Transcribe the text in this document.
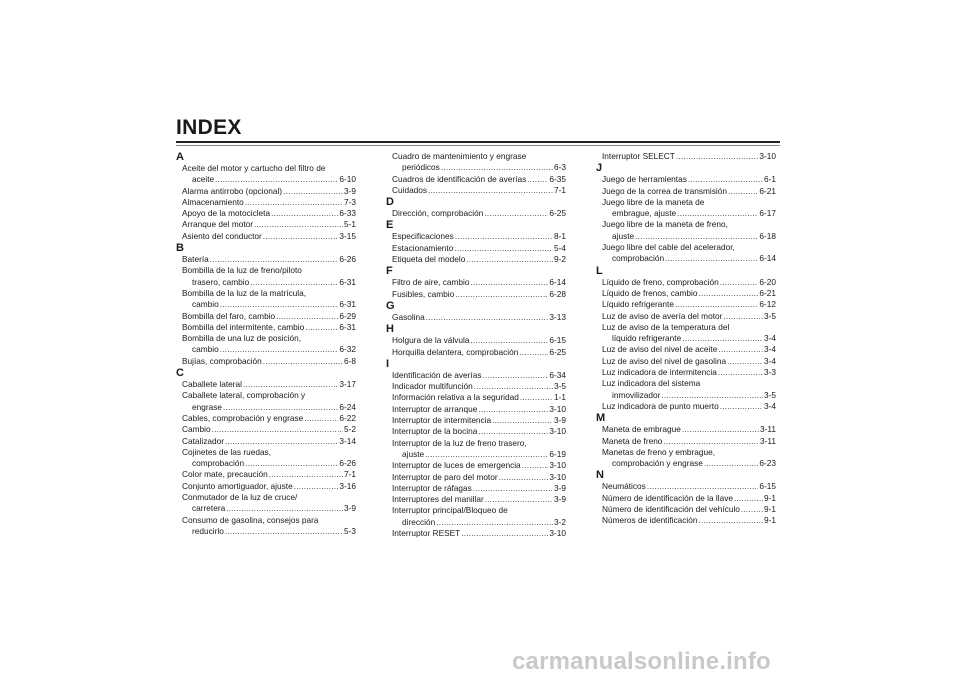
INDEX
A
Aceite del motor y cartucho del filtro de
aceite .....	6-10
Alarma antirrobo (opcional) .....	3-9
Almacenamiento .....	7-3
Apoyo de la motocicleta .....	6-33
Arranque del motor .....	5-1
Asiento del conductor .....	3-15
B
Batería .....	6-26
Bombilla de la luz de freno/piloto
trasero, cambio .....	6-31
Bombilla de la luz de la matrícula,
cambio .....	6-31
Bombilla del faro, cambio .....	6-29
Bombilla del intermitente, cambio .....	6-31
Bombilla de una luz de posición,
cambio .....	6-32
Bujías, comprobación .....	6-8
C
Caballete lateral .....	3-17
Caballete lateral, comprobación y
engrase .....	6-24
Cables, comprobación y engrase .....	6-22
Cambio .....	5-2
Catalizador .....	3-14
Cojinetes de las ruedas,
comprobación .....	6-26
Color mate, precaución .....	7-1
Conjunto amortiguador, ajuste .....	3-16
Conmutador de la luz de cruce/
carretera .....	3-9
Consumo de gasolina, consejos para
reducirlo .....	5-3
Cuadro de mantenimiento y engrase
periódicos .....	6-3
Cuadros de identificación de averías .....	6-35
Cuidados .....	7-1
D
Dirección, comprobación .....	6-25
E
Especificaciones .....	8-1
Estacionamiento .....	5-4
Etiqueta del modelo .....	9-2
F
Filtro de aire, cambio .....	6-14
Fusibles, cambio .....	6-28
G
Gasolina .....	3-13
H
Holgura de la válvula .....	6-15
Horquilla delantera, comprobación .....	6-25
I
Identificación de averías .....	6-34
Indicador multifunción .....	3-5
Información relativa a la seguridad .....	1-1
Interruptor de arranque .....	3-10
Interruptor de intermitencia .....	3-9
Interruptor de la bocina .....	3-10
Interruptor de la luz de freno trasero,
ajuste .....	6-19
Interruptor de luces de emergencia .....	3-10
Interruptor de paro del motor .....	3-10
Interruptor de ráfagas .....	3-9
Interruptores del manillar .....	3-9
Interruptor principal/Bloqueo de
dirección .....	3-2
Interruptor RESET .....	3-10
Interruptor SELECT .....	3-10
J
Juego de herramientas .....	6-1
Juego de la correa de transmisión .....	6-21
Juego libre de la maneta de
embrague, ajuste .....	6-17
Juego libre de la maneta de freno,
ajuste .....	6-18
Juego libre del cable del acelerador,
comprobación .....	6-14
L
Líquido de freno, comprobación .....	6-20
Líquido de frenos, cambio .....	6-21
Líquido refrigerante .....	6-12
Luz de aviso de avería del motor .....	3-5
Luz de aviso de la temperatura del
líquido refrigerante .....	3-4
Luz de aviso del nivel de aceite .....	3-4
Luz de aviso del nivel de gasolina .....	3-4
Luz indicadora de intermitencia .....	3-3
Luz indicadora del sistema
inmovilizador .....	3-5
Luz indicadora de punto muerto .....	3-4
M
Maneta de embrague .....	3-11
Maneta de freno .....	3-11
Manetas de freno y embrague,
comprobación y engrase .....	6-23
N
Neumáticos .....	6-15
Número de identificación de la llave .....	9-1
Número de identificación del vehículo .....	9-1
Números de identificación .....	9-1
carmanualsonline.info
